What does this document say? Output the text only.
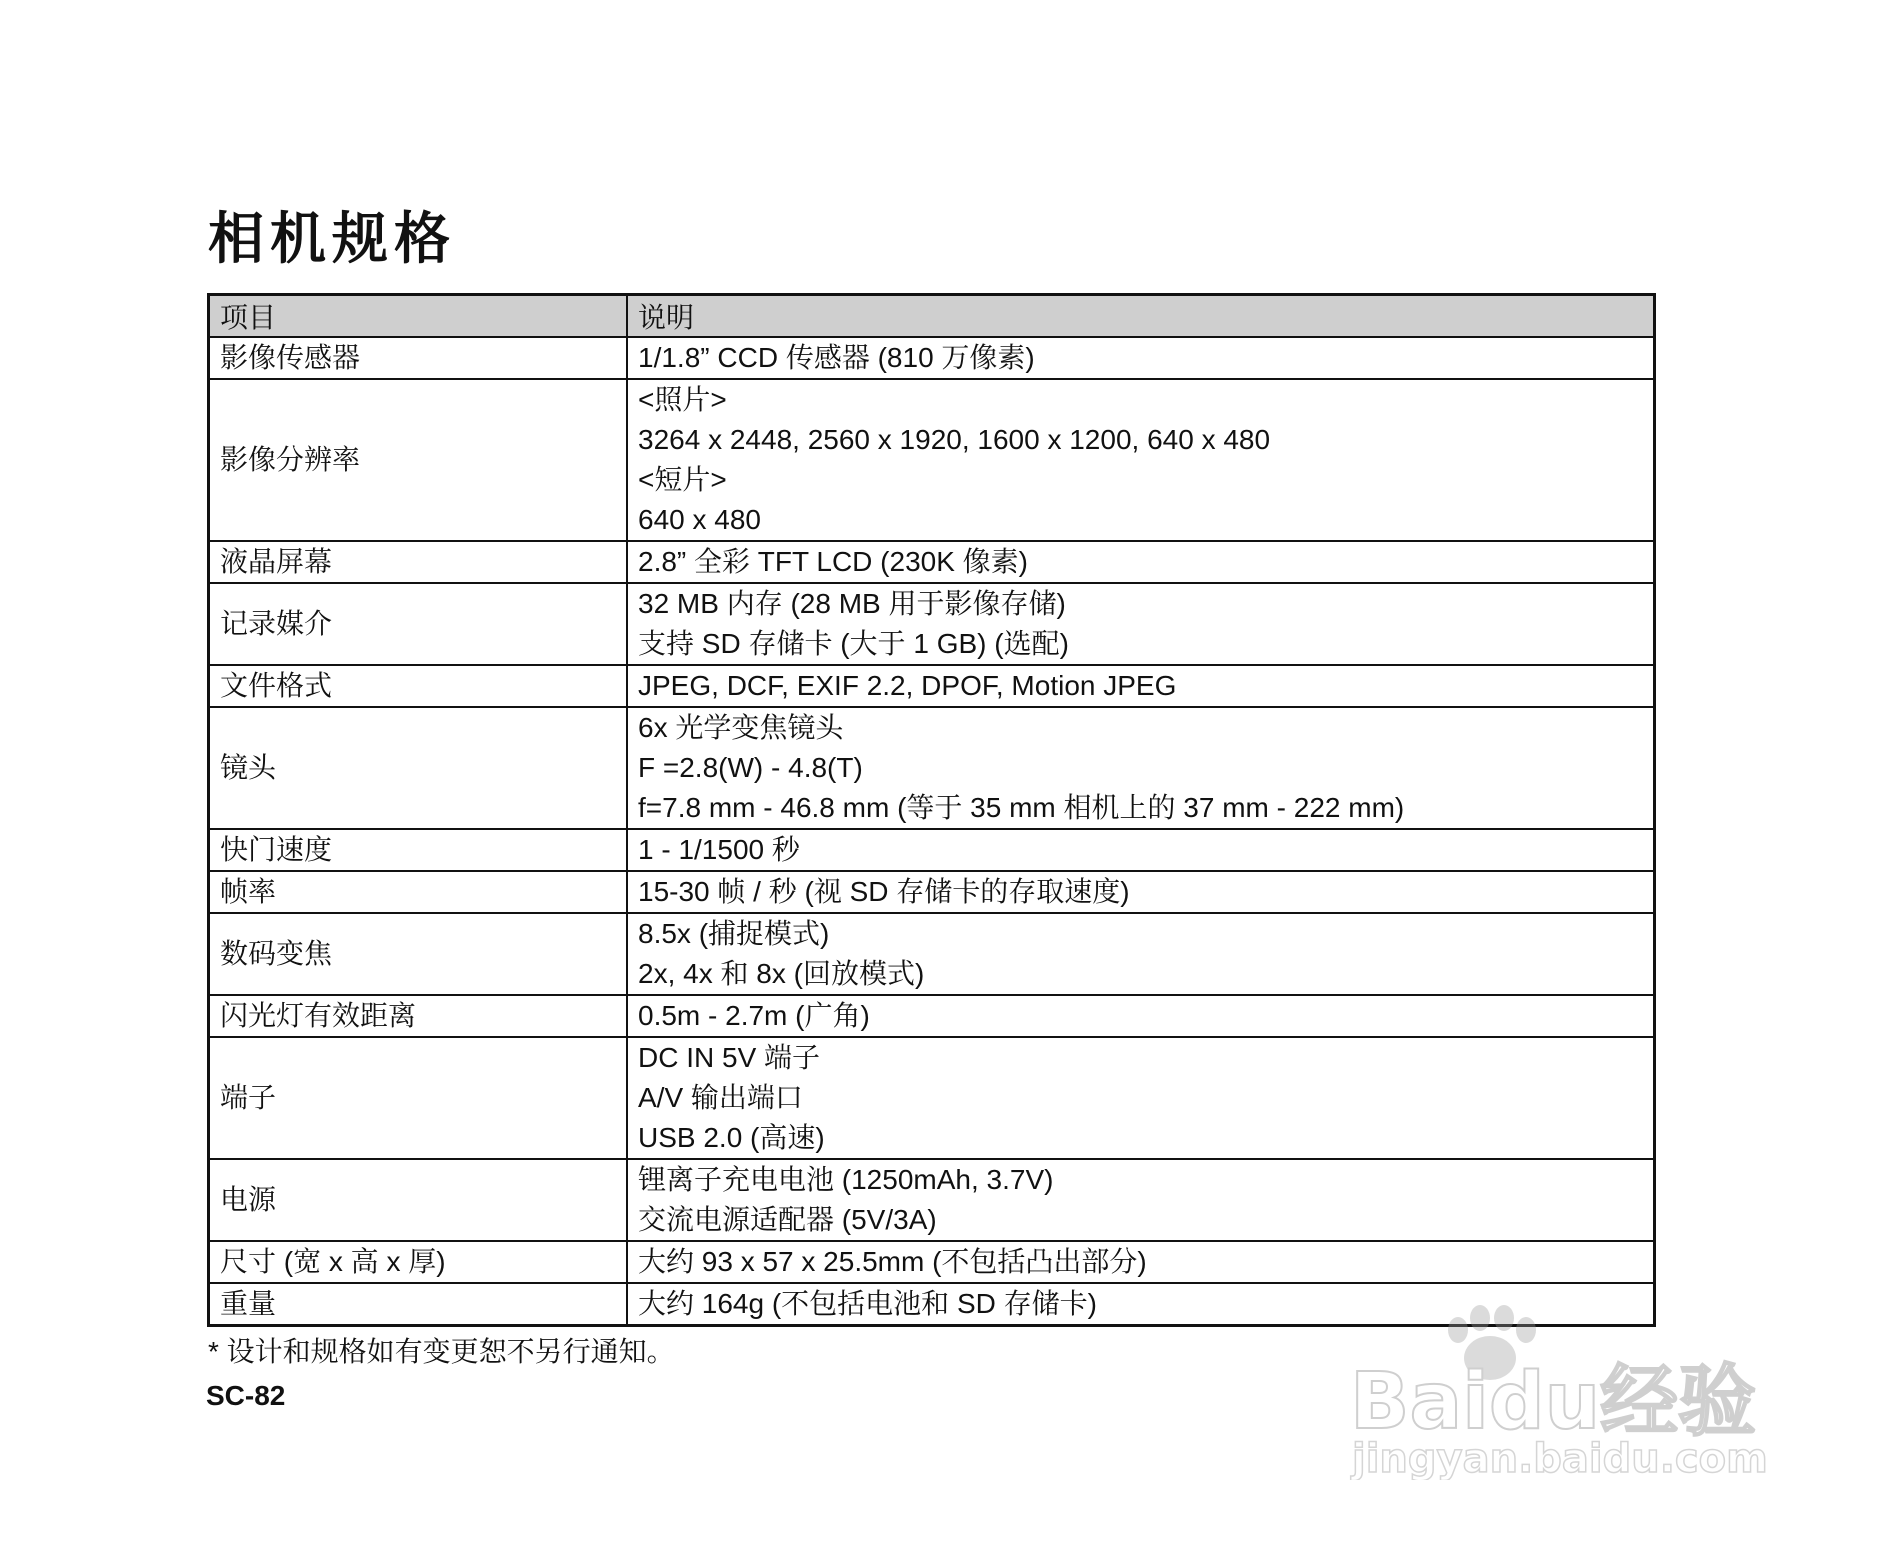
相机规格
项目	说明
影像传感器	1/1.8” CCD 传感器 (810 万像素)

影像分辨率	<照片>
3264 x 2448, 2560 x 1920, 1600 x 1200, 640 x 480
<短片>
640 x 480

液晶屏幕	2.8” 全彩 TFT LCD (230K 像素)

记录媒介	32 MB 内存 (28 MB 用于影像存储)
支持 SD 存储卡 (大于 1 GB) (选配)

文件格式	JPEG, DCF, EXIF 2.2, DPOF, Motion JPEG

镜头	6x 光学变焦镜头
F =2.8(W) - 4.8(T)
f=7.8 mm - 46.8 mm (等于 35 mm 相机上的 37 mm - 222 mm)

快门速度	1 - 1/1500 秒

帧率	15-30 帧 / 秒 (视 SD 存储卡的存取速度)

数码变焦	8.5x (捕捉模式)
2x, 4x 和 8x (回放模式)

闪光灯有效距离	0.5m - 2.7m (广角)

端子	DC IN 5V 端子
A/V 输出端口
USB 2.0 (高速)

电源	锂离子充电电池 (1250mAh, 3.7V)
交流电源适配器 (5V/3A)

尺寸 (宽 x 高 x 厚)	大约 93 x 57 x 25.5mm (不包括凸出部分)

重量	大约 164g (不包括电池和 SD 存储卡)
* 设计和规格如有变更恕不另行通知。
SC-82	Baidu经验
jingyan.baidu.com
